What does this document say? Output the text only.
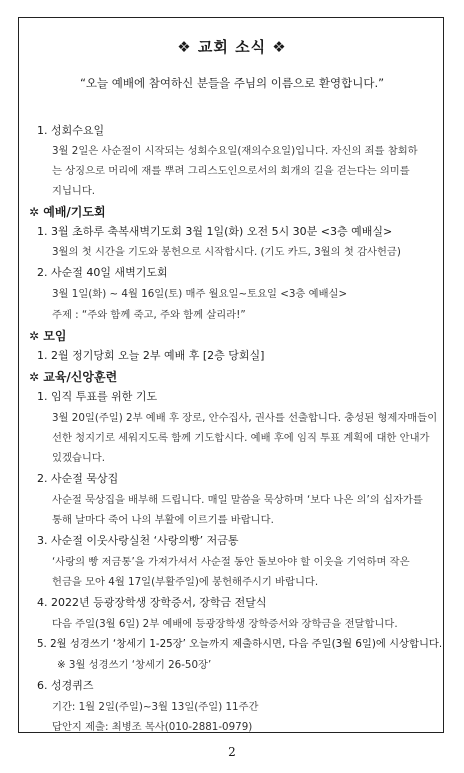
❖ 교회 소식 ❖
“오늘 예배에 참여하신 분들을 주님의 이름으로 환영합니다.”
1. 성회수요일
3월 2일은 사순절이 시작되는 성회수요일(재의수요일)입니다. 자신의 죄를 참회하
는 상징으로 머리에 재를 뿌려 그리스도인으로서의 회개의 길을 걷는다는 의미를
지닙니다.
✲ 예배/기도회
1. 3월 초하루 축복새벽기도회 3월 1일(화) 오전 5시 30분 <3층 예배실>
3월의 첫 시간을 기도와 봉헌으로 시작합시다. (기도 카드, 3월의 첫 감사헌금)
2. 사순절 40일 새벽기도회
3월 1일(화) ~ 4월 16일(토) 매주 월요일~토요일 <3층 예배실>
주제 : “주와 함께 죽고, 주와 함께 살리라!”
✲ 모임
1. 2월 정기당회 오늘 2부 예배 후 [2층 당회실]
✲ 교육/신앙훈련
1. 임직 투표를 위한 기도
3월 20일(주일) 2부 예배 후 장로, 안수집사, 권사를 선출합니다. 충성된 형제자매들이
선한 청지기로 세워지도록 함께 기도합시다. 예배 후에 임직 투표 계획에 대한 안내가
있겠습니다.
2. 사순절 묵상집
사순절 묵상집을 배부해 드립니다. 매일 말씀을 묵상하며 ‘보다 나은 의’의 십자가를
통해 날마다 죽어 나의 부활에 이르기를 바랍니다.
3. 사순절 이웃사랑실천 ‘사랑의빵’ 저금통
‘사랑의 빵 저금통’을 가져가셔서 사순절 동안 돌보아야 할 이웃을 기억하며 작은
헌금을 모아 4월 17일(부활주일)에 봉헌해주시기 바랍니다.
4. 2022년 등광장학생 장학증서, 장학금 전달식
다음 주일(3월 6일) 2부 예배에 등광장학생 장학증서와 장학금을 전달합니다.
5. 2월 성경쓰기 ‘창세기 1-25장’ 오늘까지 제출하시면, 다음 주일(3월 6일)에 시상합니다.
※ 3월 성경쓰기 ‘창세기 26-50장’
6. 성경퀴즈
기간: 1월 2일(주일)~3월 13일(주일) 11주간
답안지 제출: 최병조 목사(010-2881-0979)
2
